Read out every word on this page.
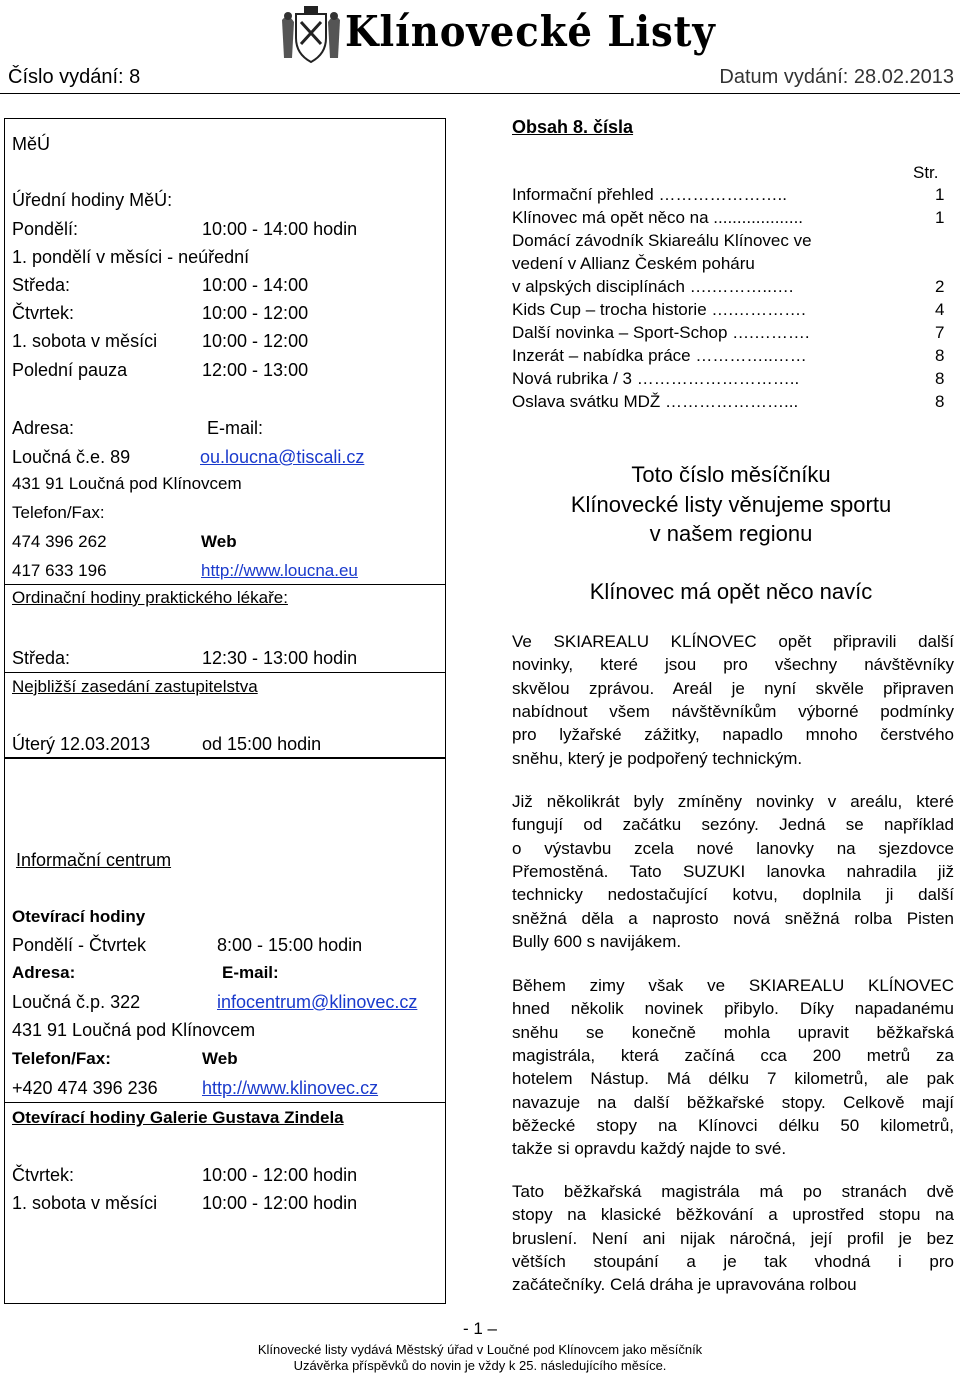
Klínovecké Listy
Číslo vydání: 8	Datum vydání: 28.02.2013
MěÚ
Úřední hodiny MěÚ:
Pondělí:	10:00 - 14:00 hodin
1. pondělí v měsíci - neúřední
Středa:	10:00 - 14:00
Čtvrtek:	10:00 - 12:00
1. sobota v měsíci 10:00 - 12:00
Polední pauza	12:00 - 13:00
Adresa:	E-mail:
Loučná č.e. 89	ou.loucna@tiscali.cz
431 91 Loučná pod Klínovcem
Telefon/Fax:
474 396 262	Web
417 633 196	http://www.loucna.eu
Ordinační hodiny praktického lékaře:
Středa:	12:30 - 13:00 hodin
Nejbližší zasedání zastupitelstva
Úterý 12.03.2013	od 15:00 hodin
Informační centrum
Otevírací hodiny
Pondělí - Čtvrtek	8:00 - 15:00 hodin
Adresa:	E-mail:
Loučná č.p. 322	infocentrum@klinovec.cz
431 91 Loučná pod Klínovcem
Telefon/Fax:	Web
+420 474 396 236 http://www.klinovec.cz
Otevírací hodiny Galerie Gustava Zindela
Čtvrtek:	10:00 - 12:00 hodin
1. sobota v měsíci 10:00 - 12:00 hodin
Obsah 8. čísla
Str.
Informační přehled …………………..	1
Klínovec má opět něco na ...................	1
Domácí závodník Skiareálu Klínovec ve
vedení v Allianz Českém poháru
v alpských disciplínách ….………..….	2
Kids Cup – trocha historie ….………….	4
Další novinka – Sport-Schop ….……….	7
Inzerát – nabídka práce …………..……	8
Nová rubrika / 3 ………………………..	8
Oslava svátku MDŽ …………………...	8
Toto číslo měsíčníku
Klínovecké listy věnujeme sportu
v našem regionu
Klínovec má opět něco navíc
Ve SKIAREALU KLÍNOVEC opět připravili další
novinky, které jsou pro všechny návštěvníky
skvělou zprávou. Areál je nyní skvěle připraven
nabídnout všem návštěvníkům výborné podmínky
pro lyžařské zážitky, napadlo mnoho čerstvého
sněhu, který je podpořený technickým.
Již několikrát byly zmíněny novinky v areálu, které
fungují od začátku sezóny. Jedná se například
o výstavbu zcela nové lanovky na sjezdovce
Přemostěná. Tato SUZUKI lanovka nahradila již
technicky nedostačující kotvu, doplnila ji další
sněžná děla a naprosto nová sněžná rolba Pisten
Bully 600 s navijákem.
Během zimy však ve SKIAREALU KLÍNOVEC
hned několik novinek přibylo. Díky napadanému
sněhu se konečně mohla upravit běžkařská
magistrála, která začíná cca 200 metrů za
hotelem Nástup. Má délku 7 kilometrů, ale pak
navazuje na další běžkařské stopy. Celkově mají
běžecké stopy na Klínovci délku 50 kilometrů,
takže si opravdu každý najde to své.
Tato běžkařská magistrála má po stranách dvě
stopy na klasické běžkování a uprostřed stopu na
bruslení. Není ani nijak náročná, její profil je bez
větších stoupání a je tak vhodná i pro
začátečníky. Celá dráha je upravována rolbou
- 1 –
Klínovecké listy vydává Městský úřad v Loučné pod Klínovcem jako měsíčník
Uzávěrka příspěvků do novin je vždy k 25. následujícího měsíce.
